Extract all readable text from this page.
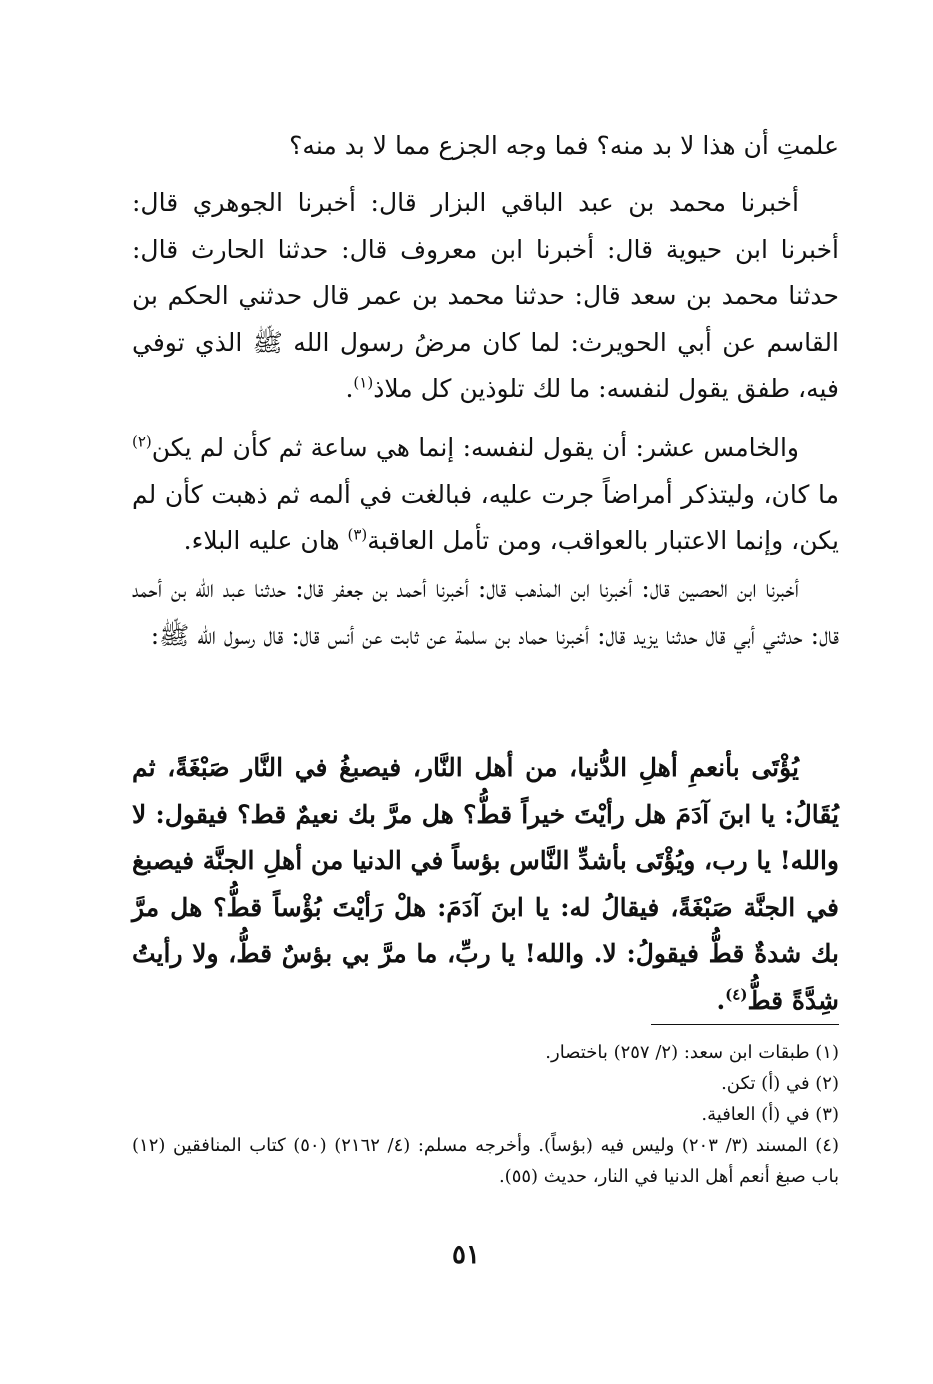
علمتِ أن هذا لا بد منه؟ فما وجه الجزع مما لا بد منه؟

أخبرنا محمد بن عبد الباقي البزار قال: أخبرنا الجوهري قال: أخبرنا ابن حيوية قال: أخبرنا ابن معروف قال: حدثنا الحارث قال: حدثنا محمد بن سعد قال: حدثنا محمد بن عمر قال حدثني الحكم بن القاسم عن أبي الحويرث: لما كان مرضُ رسول الله ﷺ الذي توفي فيه، طفق يقول لنفسه: ما لك تلوذين كل ملاذ$^{(١)}$.

والخامس عشر: أن يقول لنفسه: إنما هي ساعة ثم كأن لم يكن$^{(٢)}$ ما كان، وليتذكر أمراضاً جرت عليه، فبالغت في ألمه ثم ذهبت كأن لم يكن، وإنما الاعتبار بالعواقب، ومن تأمل العاقبة$^{(٣)}$ هان عليه البلاء.

أخبرنا ابن الحصين قال: أخبرنا ابن المذهب قال: أخبرنا أحمد بن جعفر قال: حدثنا عبد الله بن أحمد قال: حدثني أبي قال حدثنا يزيد قال: أخبرنا حماد بن سلمة عن ثابت عن أنس قال: قال رسول الله ﷺ:

يُؤْتَى بأنعمِ أهلِ الدُّنيا، من أهل النَّار، فيصبغُ في النَّار صَبْغَةً، ثم يُقَالُ: يا ابنَ آدَمَ هل رأيْتَ خيراً قطُّ؟ هل مرَّ بك نعيمٌ قط؟ فيقول: لا والله! يا رب، ويُؤْتَى بأشدِّ النَّاس بؤساً في الدنيا من أهلِ الجنَّة فيصبغ في الجنَّة صَبْغَةً، فيقالُ له: يا ابنَ آدَمَ: هلْ رَأيْتَ بُؤْساً قطُّ؟ هل مرَّ بك شدةٌ قطُّ فيقولُ: لا. والله! يا ربِّ، ما مرَّ بي بؤسٌ قطُّ، ولا رأيتُ شِدَّةً قطُّ$^{(٤)}$.

(١) طبقات ابن سعد: (٢/ ٢٥٧) باختصار.

(٢) في (أ) تكن.

(٣) في (أ) العافية.

(٤) المسند (٣/ ٢٠٣) وليس فيه (بؤساً). وأخرجه مسلم: (٤/ ٢١٦٢) (٥٠) كتاب المنافقين (١٢) باب صبغ أنعم أهل الدنيا في النار، حديث (٥٥).

٥١
